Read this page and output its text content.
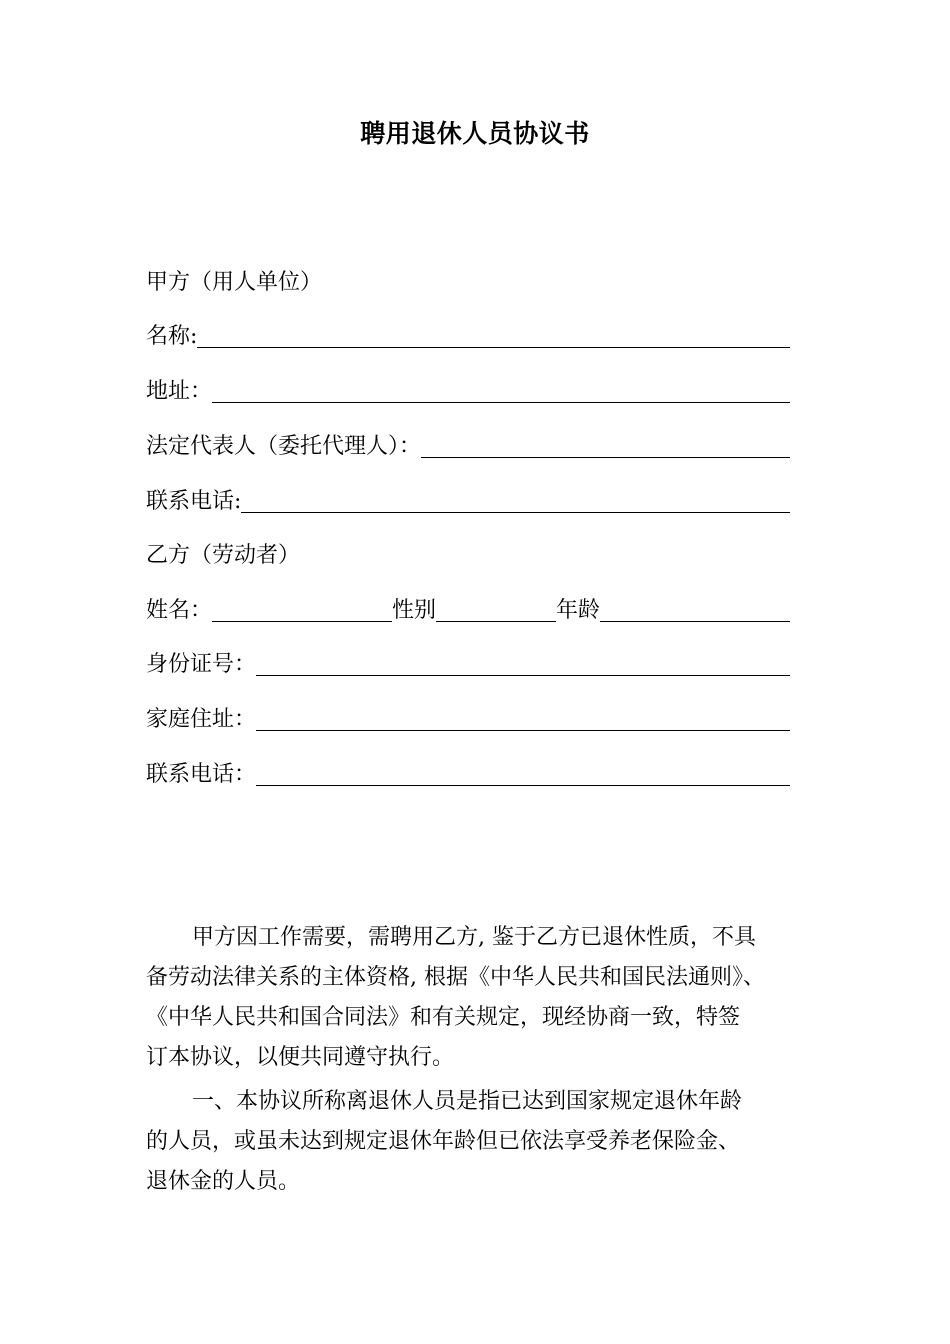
聘用退休人员协议书
甲方（用人单位）
名称:
地址：
法定代表人（委托代理人）：
联系电话:
乙方（劳动者）
姓名：	性别	年龄
身份证号：
家庭住址：
联系电话：
甲方因工作需要，需聘用乙方, 鉴于乙方已退休性质，不具
备劳动法律关系的主体资格, 根据《中华人民共和国民法通则》、
《中华人民共和国合同法》和有关规定，现经协商一致，特签
订本协议，以便共同遵守执行。
一、本协议所称离退休人员是指已达到国家规定退休年龄
的人员，或虽未达到规定退休年龄但已依法享受养老保险金、
退休金的人员。
